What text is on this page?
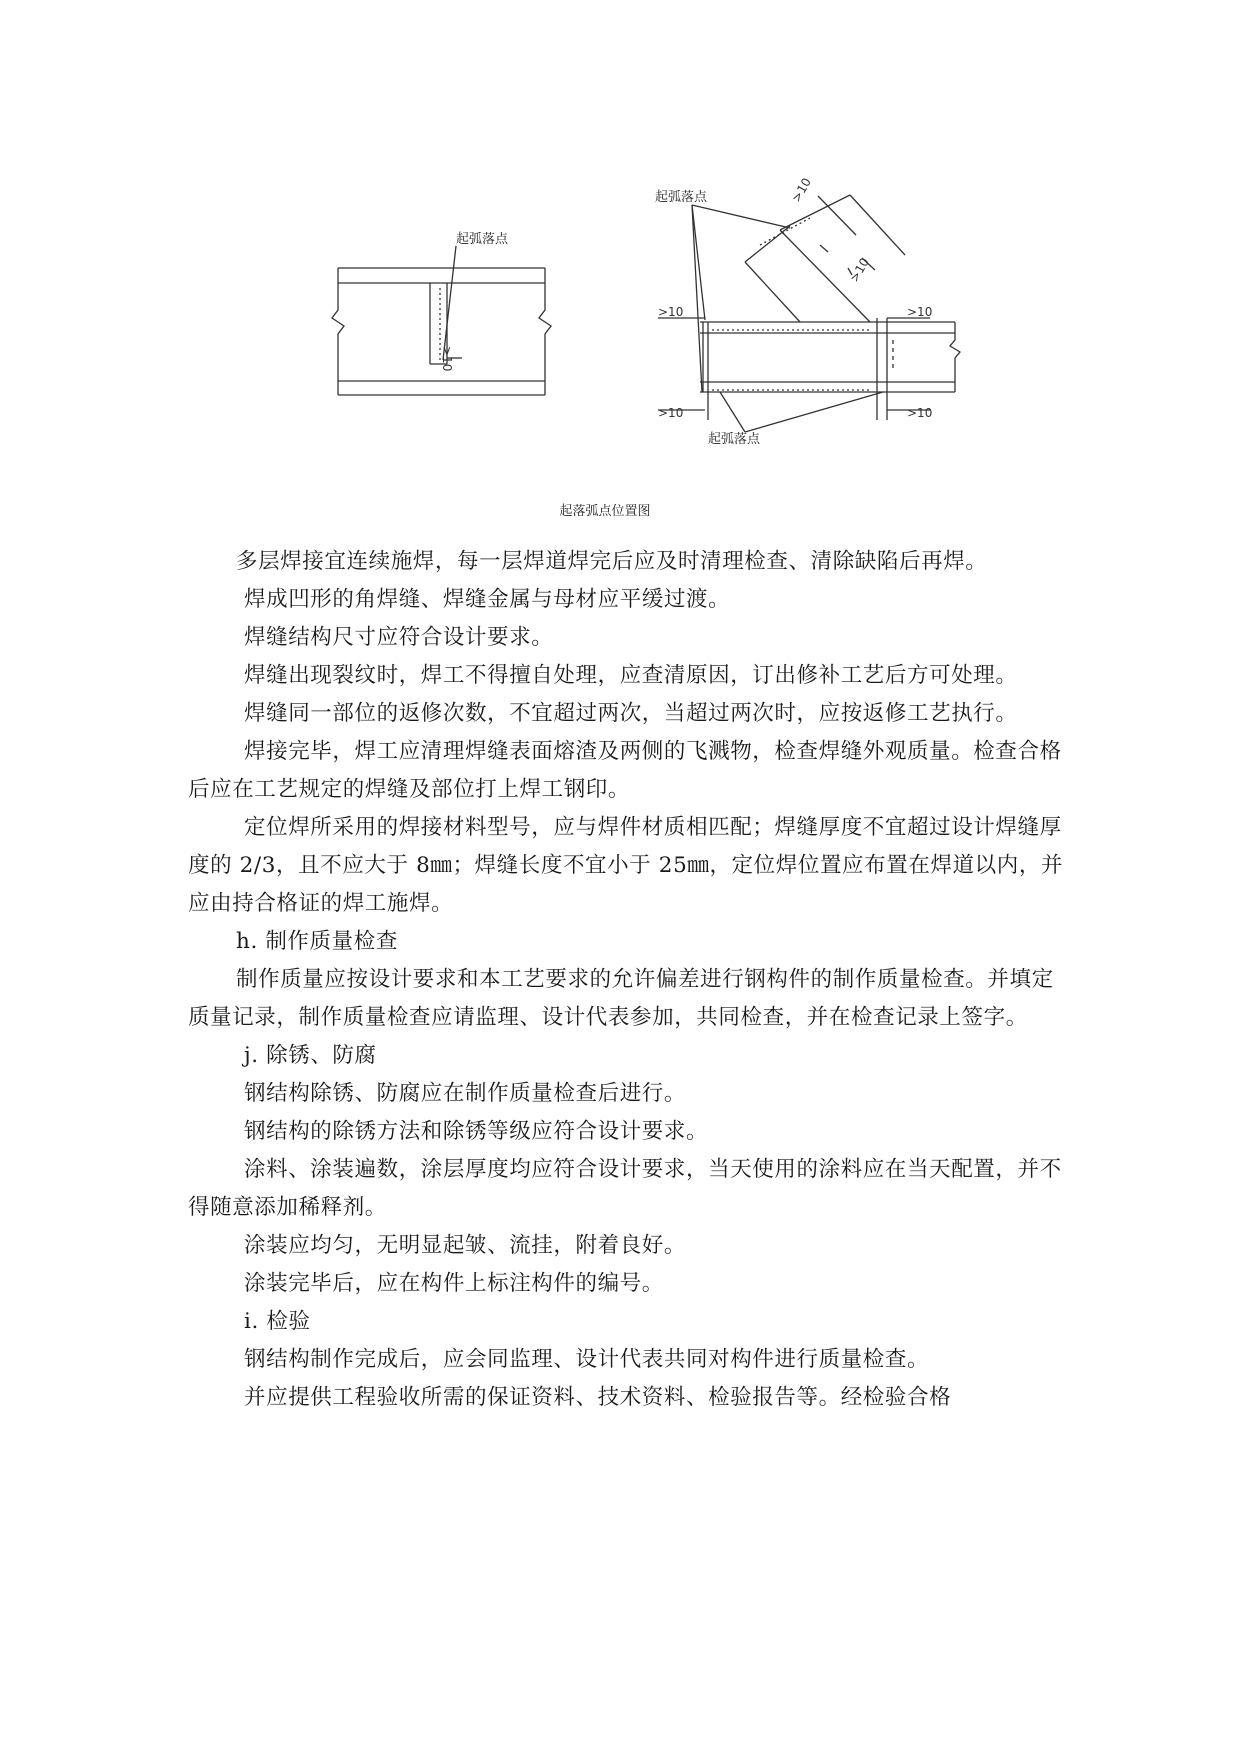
起弧落点
起弧落点
起弧落点
>10
>10	>10
>10	>10
>10
>10
起落弧点位置图

多层焊接宜连续施焊，每一层焊道焊完后应及时清理检查、清除缺陷后再焊。

焊成凹形的角焊缝、焊缝金属与母材应平缓过渡。

焊缝结构尺寸应符合设计要求。

焊缝出现裂纹时，焊工不得擅自处理，应查清原因，订出修补工艺后方可处理。

焊缝同一部位的返修次数，不宜超过两次，当超过两次时，应按返修工艺执行。

焊接完毕，焊工应清理焊缝表面熔渣及两侧的飞溅物，检查焊缝外观质量。检查合格后应在工艺规定的焊缝及部位打上焊工钢印。

定位焊所采用的焊接材料型号，应与焊件材质相匹配；焊缝厚度不宜超过设计焊缝厚度的 2/3，且不应大于 8㎜；焊缝长度不宜小于 25㎜，定位焊位置应布置在焊道以内，并应由持合格证的焊工施焊。

h. 制作质量检查

制作质量应按设计要求和本工艺要求的允许偏差进行钢构件的制作质量检查。并填定质量记录，制作质量检查应请监理、设计代表参加，共同检查，并在检查记录上签字。

j. 除锈、防腐

钢结构除锈、防腐应在制作质量检查后进行。

钢结构的除锈方法和除锈等级应符合设计要求。

涂料、涂装遍数，涂层厚度均应符合设计要求，当天使用的涂料应在当天配置，并不得随意添加稀释剂。

涂装应均匀，无明显起皱、流挂，附着良好。

涂装完毕后，应在构件上标注构件的编号。

i. 检验

钢结构制作完成后，应会同监理、设计代表共同对构件进行质量检查。

并应提供工程验收所需的保证资料、技术资料、检验报告等。经检验合格
